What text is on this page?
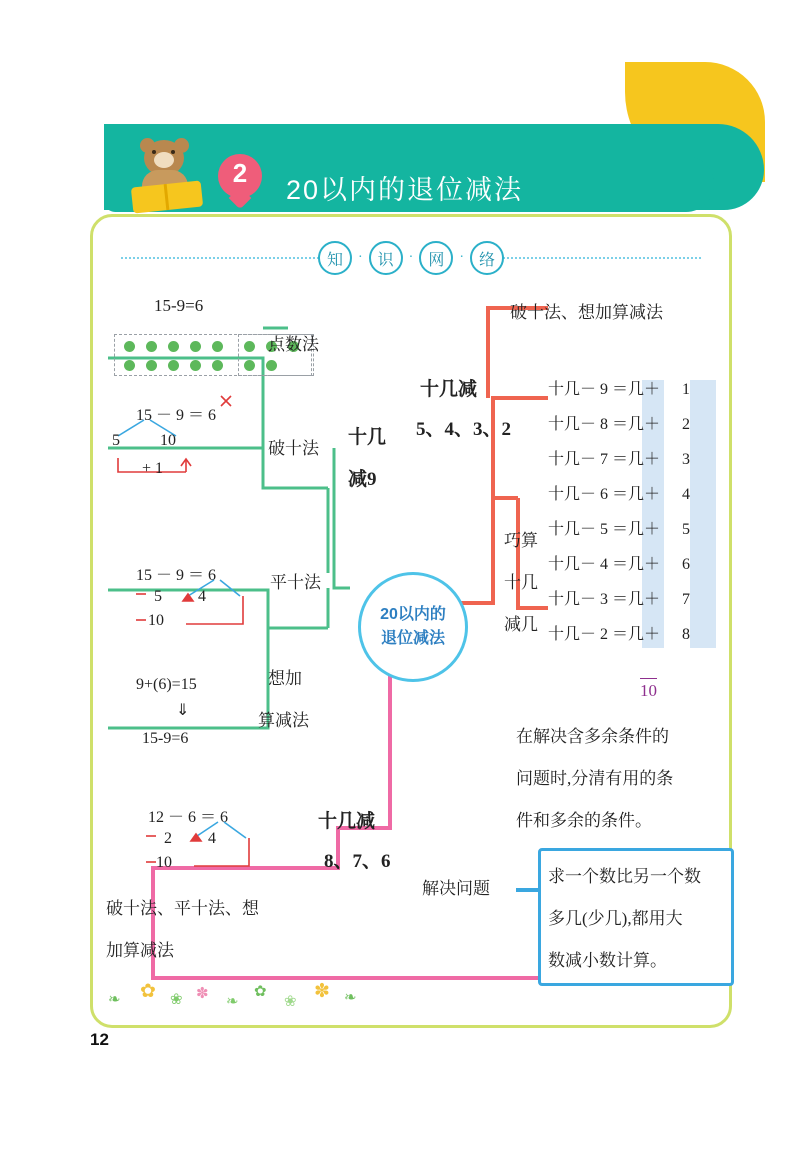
2
20以内的退位减法
知	· 识	· 网	· 络
15-9=6
点数法
15 － 9 ＝ 6
5	10
+ 1
破十法
15 － 9 ＝ 6
5 4
10
平十法
9+(6)=15
⇓
15-9=6
想加
算减法
12 － 6 ＝ 6
2 4
10
破十法、平十法、想
加算减法
十几
减9
十几减
5、4、3、2
十几减
8、7、6
解决问题
20以内的
退位减法
破十法、想加算减法
巧算
十几
减几
十几－ 9 ＝几＋ 1
十几－ 8 ＝几＋ 2
十几－ 7 ＝几＋ 3
十几－ 6 ＝几＋ 4
十几－ 5 ＝几＋ 5
十几－ 4 ＝几＋ 6
十几－ 3 ＝几＋ 7
十几－ 2 ＝几＋ 8
10
在解决含多余条件的
问题时,分清有用的条
件和多余的条件。
求一个数比另一个数
多几(少几),都用大
数减小数计算。
❧ ✿ ❀ ✽ ❧
✿
❀ ✽ ❧
12
